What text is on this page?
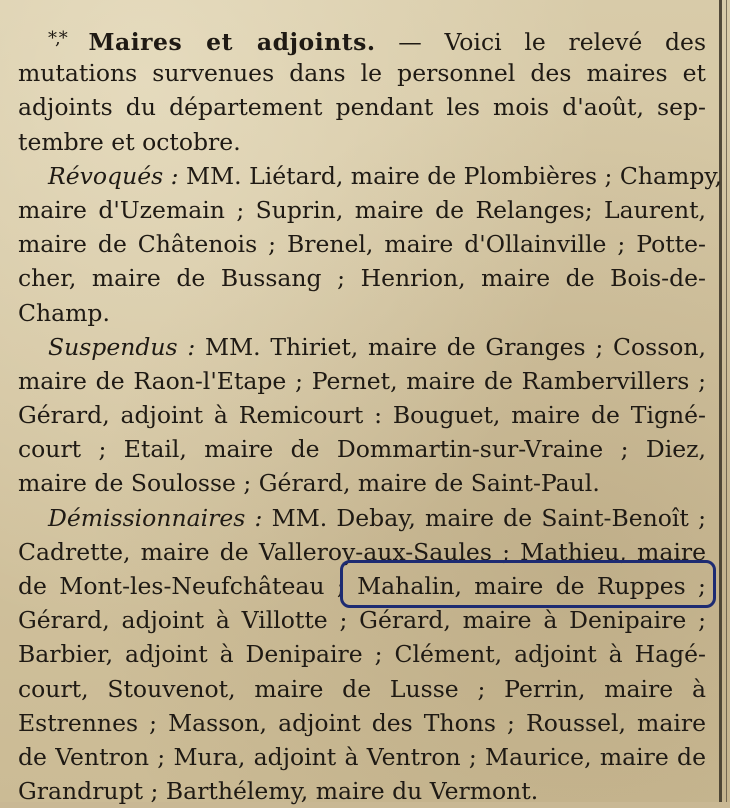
*,* Maires et adjoints. — Voici le relevé des
mutations survenues dans le personnel des maires et
adjoints du département pendant les mois d'août, sep-
tembre et octobre.
Révoqués : MM. Liétard, maire de Plombières ; Champy,
maire d'Uzemain ; Suprin, maire de Relanges; Laurent,
maire de Châtenois ; Brenel, maire d'Ollainville ; Potte-
cher, maire de Bussang ; Henrion, maire de Bois-de-
Champ.
Suspendus : MM. Thiriet, maire de Granges ; Cosson,
maire de Raon-l'Etape ; Pernet, maire de Rambervillers ;
Gérard, adjoint à Remicourt : Bouguet, maire de Tigné-
court ; Etail, maire de Dommartin-sur-Vraine ; Diez,
maire de Soulosse ; Gérard, maire de Saint-Paul.
Démissionnaires : MM. Debay, maire de Saint-Benoît ;
Cadrette, maire de Valleroy-aux-Saules ; Mathieu, maire
de Mont-les-Neufchâteau ; Mahalin, maire de Ruppes ;
Gérard, adjoint à Villotte ; Gérard, maire à Denipaire ;
Barbier, adjoint à Denipaire ; Clément, adjoint à Hagé-
court, Stouvenot, maire de Lusse ; Perrin, maire à
Estrennes ; Masson, adjoint des Thons ; Roussel, maire
de Ventron ; Mura, adjoint à Ventron ; Maurice, maire de
Grandrupt ; Barthélemy, maire du Vermont.
